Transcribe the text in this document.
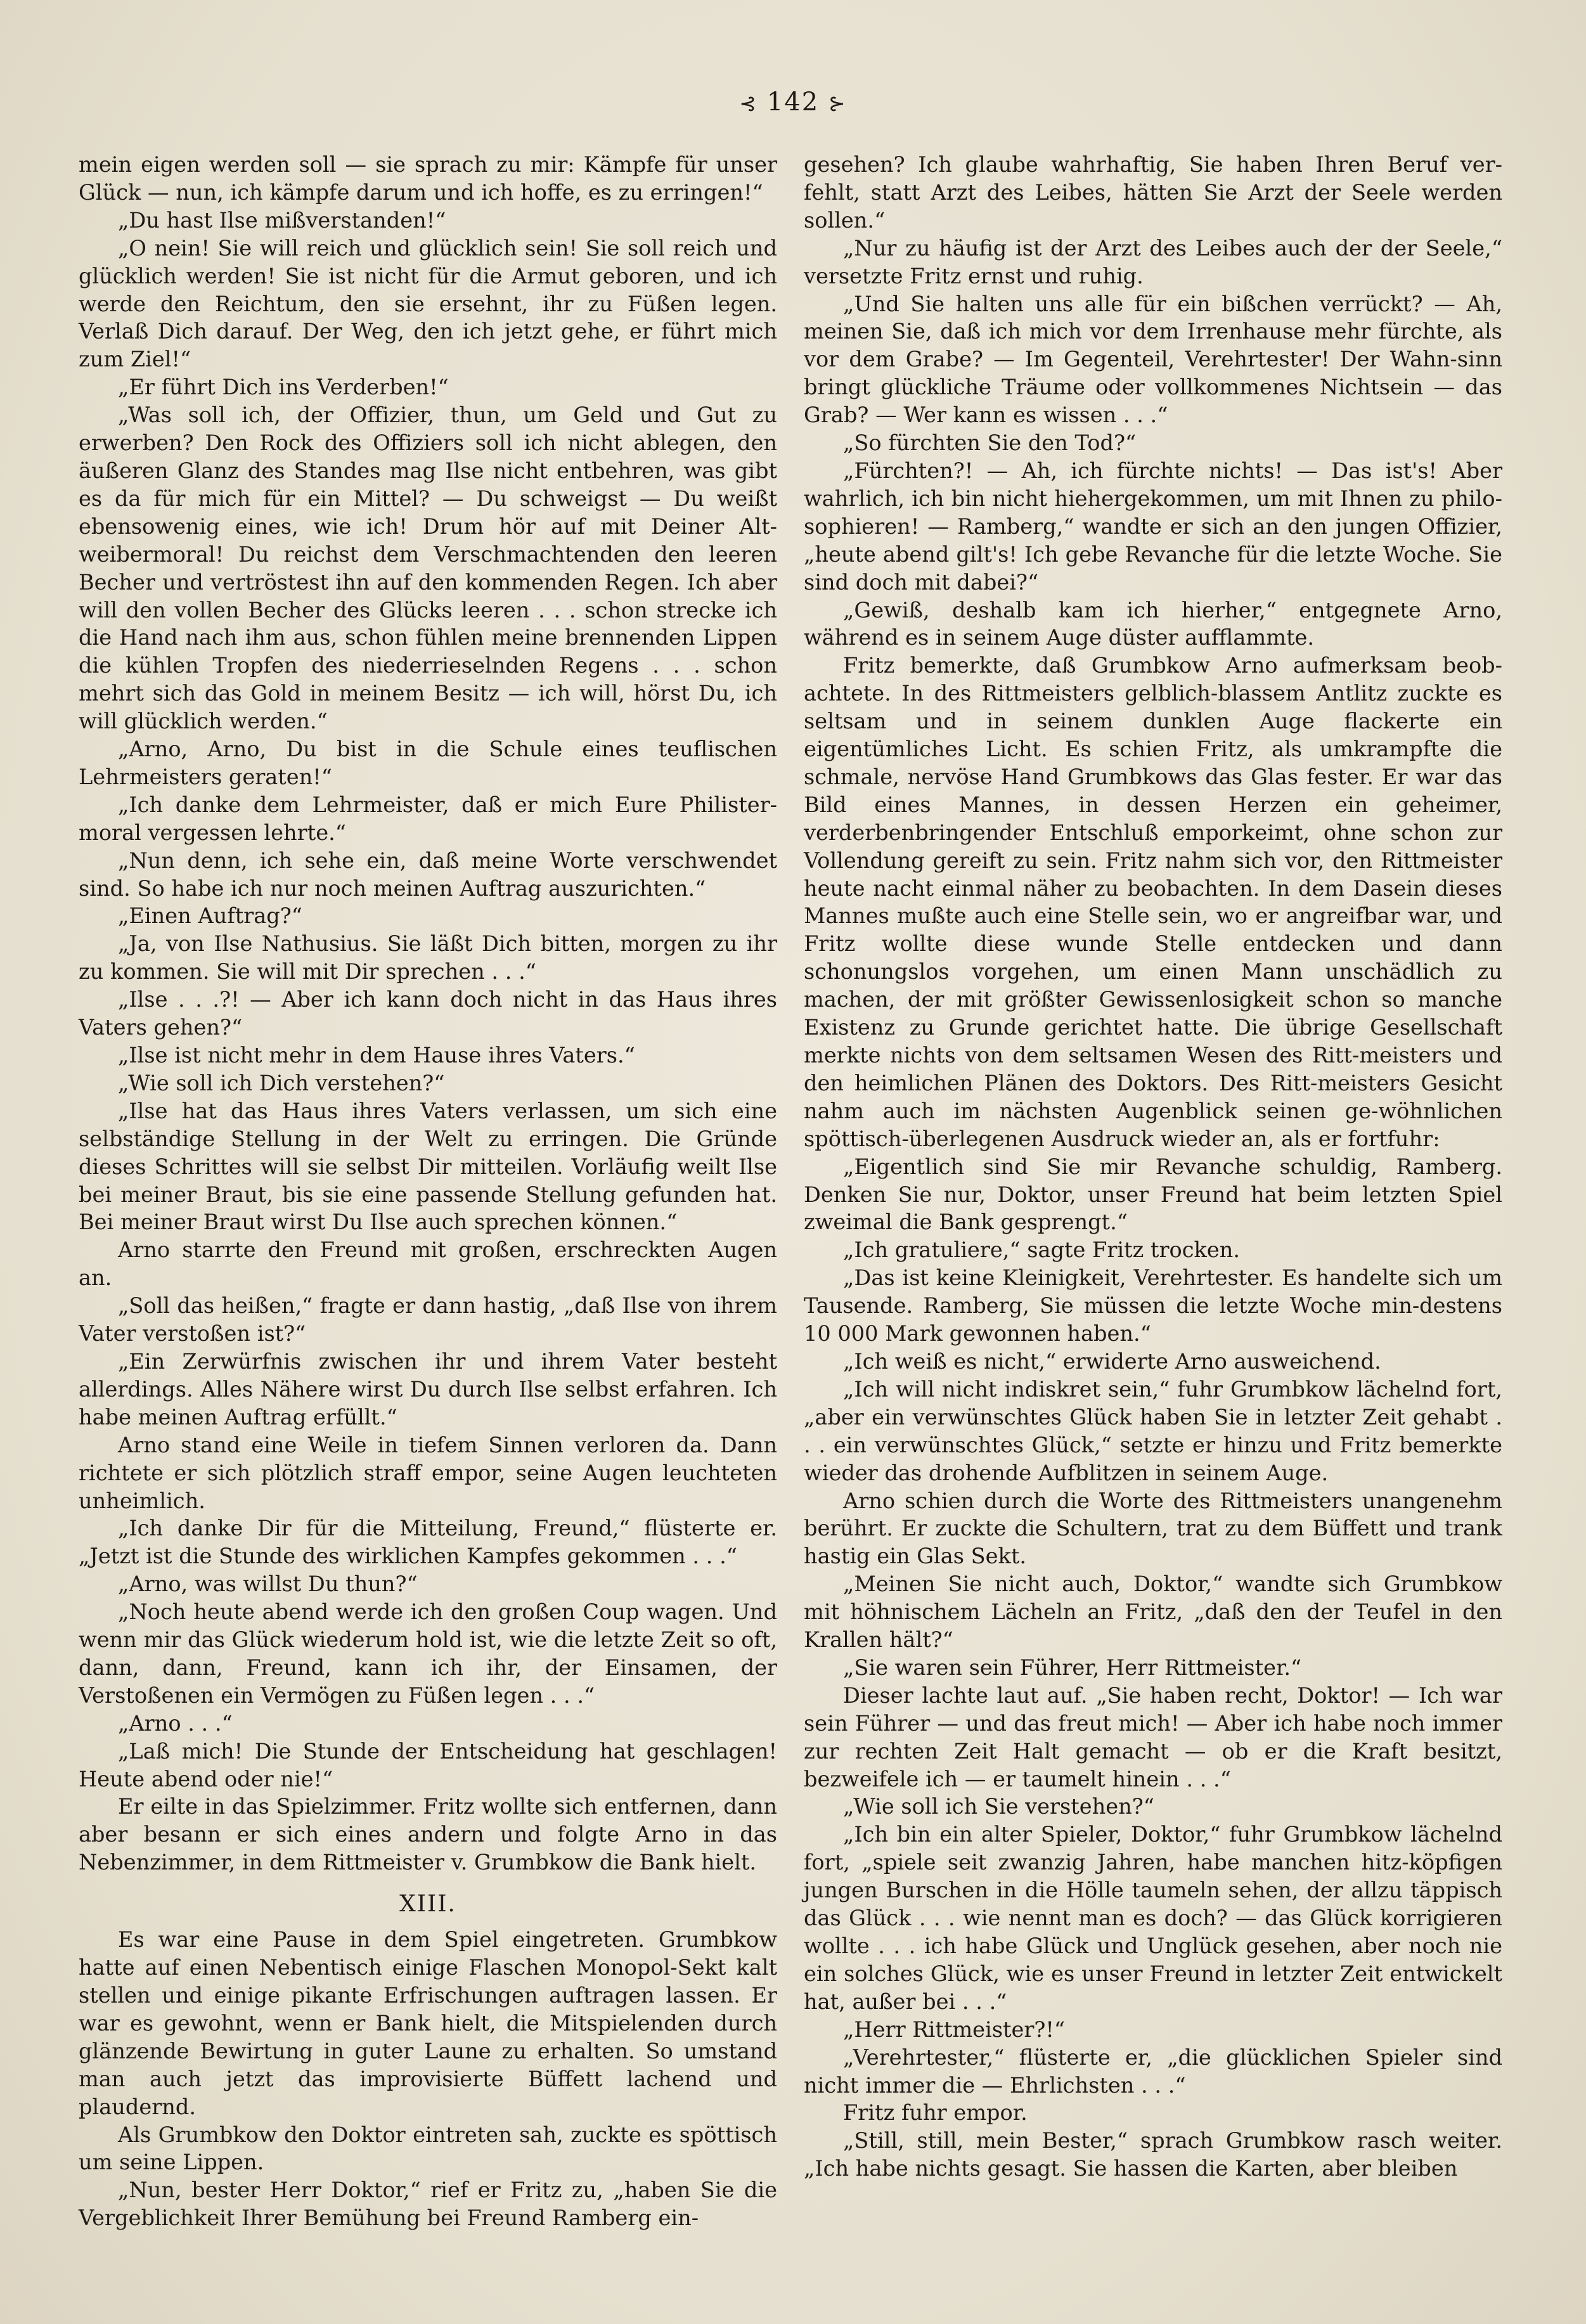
⊰ 142 ⊱

mein eigen werden soll — sie sprach zu mir: Kämpfe für unser Glück — nun, ich kämpfe darum und ich hoffe, es zu erringen!“

„Du hast Ilse mißverstanden!“

„O nein! Sie will reich und glücklich sein! Sie soll reich und glücklich werden! Sie ist nicht für die Armut geboren, und ich werde den Reichtum, den sie ersehnt, ihr zu Füßen legen. Verlaß Dich darauf. Der Weg, den ich jetzt gehe, er führt mich zum Ziel!“

„Er führt Dich ins Verderben!“

„Was soll ich, der Offizier, thun, um Geld und Gut zu erwerben? Den Rock des Offiziers soll ich nicht ablegen, den äußeren Glanz des Standes mag Ilse nicht entbehren, was gibt es da für mich für ein Mittel? — Du schweigst — Du weißt ebensowenig eines, wie ich! Drum hör auf mit Deiner Alt-weibermoral! Du reichst dem Verschmachtenden den leeren Becher und vertröstest ihn auf den kommenden Regen. Ich aber will den vollen Becher des Glücks leeren . . . schon strecke ich die Hand nach ihm aus, schon fühlen meine brennenden Lippen die kühlen Tropfen des niederrieselnden Regens . . . schon mehrt sich das Gold in meinem Besitz — ich will, hörst Du, ich will glücklich werden.“

„Arno, Arno, Du bist in die Schule eines teuflischen Lehrmeisters geraten!“

„Ich danke dem Lehrmeister, daß er mich Eure Philister-moral vergessen lehrte.“

„Nun denn, ich sehe ein, daß meine Worte verschwendet sind. So habe ich nur noch meinen Auftrag auszurichten.“

„Einen Auftrag?“

„Ja, von Ilse Nathusius. Sie läßt Dich bitten, morgen zu ihr zu kommen. Sie will mit Dir sprechen . . .“

„Ilse . . .?! — Aber ich kann doch nicht in das Haus ihres Vaters gehen?“

„Ilse ist nicht mehr in dem Hause ihres Vaters.“

„Wie soll ich Dich verstehen?“

„Ilse hat das Haus ihres Vaters verlassen, um sich eine selbständige Stellung in der Welt zu erringen. Die Gründe dieses Schrittes will sie selbst Dir mitteilen. Vorläufig weilt Ilse bei meiner Braut, bis sie eine passende Stellung gefunden hat. Bei meiner Braut wirst Du Ilse auch sprechen können.“

Arno starrte den Freund mit großen, erschreckten Augen an.

„Soll das heißen,“ fragte er dann hastig, „daß Ilse von ihrem Vater verstoßen ist?“

„Ein Zerwürfnis zwischen ihr und ihrem Vater besteht allerdings. Alles Nähere wirst Du durch Ilse selbst erfahren. Ich habe meinen Auftrag erfüllt.“

Arno stand eine Weile in tiefem Sinnen verloren da. Dann richtete er sich plötzlich straff empor, seine Augen leuchteten unheimlich.

„Ich danke Dir für die Mitteilung, Freund,“ flüsterte er. „Jetzt ist die Stunde des wirklichen Kampfes gekommen . . .“

„Arno, was willst Du thun?“

„Noch heute abend werde ich den großen Coup wagen. Und wenn mir das Glück wiederum hold ist, wie die letzte Zeit so oft, dann, dann, Freund, kann ich ihr, der Einsamen, der Verstoßenen ein Vermögen zu Füßen legen . . .“

„Arno . . .“

„Laß mich! Die Stunde der Entscheidung hat geschlagen! Heute abend oder nie!“

Er eilte in das Spielzimmer. Fritz wollte sich entfernen, dann aber besann er sich eines andern und folgte Arno in das Nebenzimmer, in dem Rittmeister v. Grumbkow die Bank hielt.

XIII.

Es war eine Pause in dem Spiel eingetreten. Grumbkow hatte auf einen Nebentisch einige Flaschen Monopol-Sekt kalt stellen und einige pikante Erfrischungen auftragen lassen. Er war es gewohnt, wenn er Bank hielt, die Mitspielenden durch glänzende Bewirtung in guter Laune zu erhalten. So umstand man auch jetzt das improvisierte Büffett lachend und plaudernd.

Als Grumbkow den Doktor eintreten sah, zuckte es spöttisch um seine Lippen.

„Nun, bester Herr Doktor,“ rief er Fritz zu, „haben Sie die Vergeblichkeit Ihrer Bemühung bei Freund Ramberg ein-

gesehen? Ich glaube wahrhaftig, Sie haben Ihren Beruf ver-fehlt, statt Arzt des Leibes, hätten Sie Arzt der Seele werden sollen.“

„Nur zu häufig ist der Arzt des Leibes auch der der Seele,“ versetzte Fritz ernst und ruhig.

„Und Sie halten uns alle für ein bißchen verrückt? — Ah, meinen Sie, daß ich mich vor dem Irrenhause mehr fürchte, als vor dem Grabe? — Im Gegenteil, Verehrtester! Der Wahn-sinn bringt glückliche Träume oder vollkommenes Nichtsein — das Grab? — Wer kann es wissen . . .“

„So fürchten Sie den Tod?“

„Fürchten?! — Ah, ich fürchte nichts! — Das ist's! Aber wahrlich, ich bin nicht hiehergekommen, um mit Ihnen zu philo-sophieren! — Ramberg,“ wandte er sich an den jungen Offizier, „heute abend gilt's! Ich gebe Revanche für die letzte Woche. Sie sind doch mit dabei?“

„Gewiß, deshalb kam ich hierher,“ entgegnete Arno, während es in seinem Auge düster aufflammte.

Fritz bemerkte, daß Grumbkow Arno aufmerksam beob-achtete. In des Rittmeisters gelblich-blassem Antlitz zuckte es seltsam und in seinem dunklen Auge flackerte ein eigentümliches Licht. Es schien Fritz, als umkrampfte die schmale, nervöse Hand Grumbkows das Glas fester. Er war das Bild eines Mannes, in dessen Herzen ein geheimer, verderbenbringender Entschluß emporkeimt, ohne schon zur Vollendung gereift zu sein. Fritz nahm sich vor, den Rittmeister heute nacht einmal näher zu beobachten. In dem Dasein dieses Mannes mußte auch eine Stelle sein, wo er angreifbar war, und Fritz wollte diese wunde Stelle entdecken und dann schonungslos vorgehen, um einen Mann unschädlich zu machen, der mit größter Gewissenlosigkeit schon so manche Existenz zu Grunde gerichtet hatte. Die übrige Gesellschaft merkte nichts von dem seltsamen Wesen des Ritt-meisters und den heimlichen Plänen des Doktors. Des Ritt-meisters Gesicht nahm auch im nächsten Augenblick seinen ge-wöhnlichen spöttisch-überlegenen Ausdruck wieder an, als er fortfuhr:

„Eigentlich sind Sie mir Revanche schuldig, Ramberg. Denken Sie nur, Doktor, unser Freund hat beim letzten Spiel zweimal die Bank gesprengt.“

„Ich gratuliere,“ sagte Fritz trocken.

„Das ist keine Kleinigkeit, Verehrtester. Es handelte sich um Tausende. Ramberg, Sie müssen die letzte Woche min-destens 10 000 Mark gewonnen haben.“

„Ich weiß es nicht,“ erwiderte Arno ausweichend.

„Ich will nicht indiskret sein,“ fuhr Grumbkow lächelnd fort, „aber ein verwünschtes Glück haben Sie in letzter Zeit gehabt . . . ein verwünschtes Glück,“ setzte er hinzu und Fritz bemerkte wieder das drohende Aufblitzen in seinem Auge.

Arno schien durch die Worte des Rittmeisters unangenehm berührt. Er zuckte die Schultern, trat zu dem Büffett und trank hastig ein Glas Sekt.

„Meinen Sie nicht auch, Doktor,“ wandte sich Grumbkow mit höhnischem Lächeln an Fritz, „daß den der Teufel in den Krallen hält?“

„Sie waren sein Führer, Herr Rittmeister.“

Dieser lachte laut auf. „Sie haben recht, Doktor! — Ich war sein Führer — und das freut mich! — Aber ich habe noch immer zur rechten Zeit Halt gemacht — ob er die Kraft besitzt, bezweifele ich — er taumelt hinein . . .“

„Wie soll ich Sie verstehen?“

„Ich bin ein alter Spieler, Doktor,“ fuhr Grumbkow lächelnd fort, „spiele seit zwanzig Jahren, habe manchen hitz-köpfigen jungen Burschen in die Hölle taumeln sehen, der allzu täppisch das Glück . . . wie nennt man es doch? — das Glück korrigieren wollte . . . ich habe Glück und Unglück gesehen, aber noch nie ein solches Glück, wie es unser Freund in letzter Zeit entwickelt hat, außer bei . . .“

„Herr Rittmeister?!“

„Verehrtester,“ flüsterte er, „die glücklichen Spieler sind nicht immer die — Ehrlichsten . . .“

Fritz fuhr empor.

„Still, still, mein Bester,“ sprach Grumbkow rasch weiter. „Ich habe nichts gesagt. Sie hassen die Karten, aber bleiben
